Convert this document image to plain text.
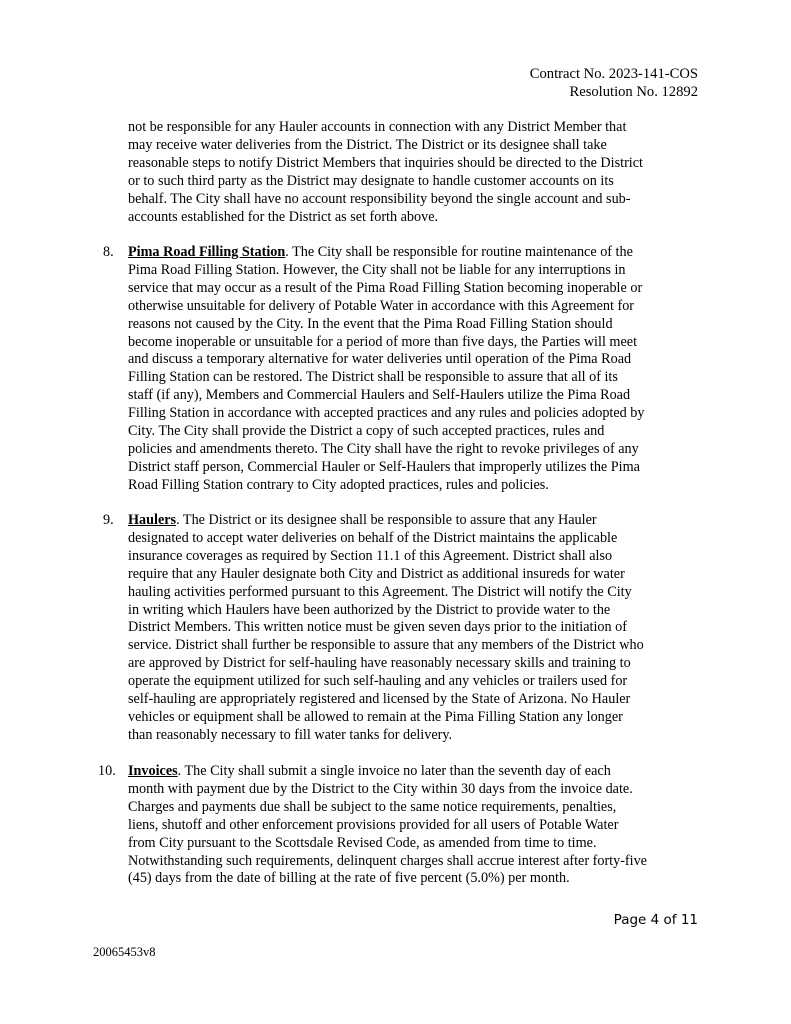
Contract No. 2023-141-COS
Resolution No. 12892

not be responsible for any Hauler accounts in connection with any District Member that

may receive water deliveries from the District. The District or its designee shall take

reasonable steps to notify District Members that inquiries should be directed to the District

or to such third party as the District may designate to handle customer accounts on its

behalf. The City shall have no account responsibility beyond the single account and sub-

accounts established for the District as set forth above.

8. Pima Road Filling Station. The City shall be responsible for routine maintenance of the

Pima Road Filling Station. However, the City shall not be liable for any interruptions in

service that may occur as a result of the Pima Road Filling Station becoming inoperable or

otherwise unsuitable for delivery of Potable Water in accordance with this Agreement for

reasons not caused by the City. In the event that the Pima Road Filling Station should

become inoperable or unsuitable for a period of more than five days, the Parties will meet

and discuss a temporary alternative for water deliveries until operation of the Pima Road

Filling Station can be restored. The District shall be responsible to assure that all of its

staff (if any), Members and Commercial Haulers and Self-Haulers utilize the Pima Road

Filling Station in accordance with accepted practices and any rules and policies adopted by

City. The City shall provide the District a copy of such accepted practices, rules and

policies and amendments thereto. The City shall have the right to revoke privileges of any

District staff person, Commercial Hauler or Self-Haulers that improperly utilizes the Pima

Road Filling Station contrary to City adopted practices, rules and policies.

9. Haulers. The District or its designee shall be responsible to assure that any Hauler

designated to accept water deliveries on behalf of the District maintains the applicable

insurance coverages as required by Section 11.1 of this Agreement. District shall also

require that any Hauler designate both City and District as additional insureds for water

hauling activities performed pursuant to this Agreement. The District will notify the City

in writing which Haulers have been authorized by the District to provide water to the

District Members. This written notice must be given seven days prior to the initiation of

service. District shall further be responsible to assure that any members of the District who

are approved by District for self-hauling have reasonably necessary skills and training to

operate the equipment utilized for such self-hauling and any vehicles or trailers used for

self-hauling are appropriately registered and licensed by the State of Arizona. No Hauler

vehicles or equipment shall be allowed to remain at the Pima Filling Station any longer

than reasonably necessary to fill water tanks for delivery.

10. Invoices. The City shall submit a single invoice no later than the seventh day of each

month with payment due by the District to the City within 30 days from the invoice date.

Charges and payments due shall be subject to the same notice requirements, penalties,

liens, shutoff and other enforcement provisions provided for all users of Potable Water

from City pursuant to the Scottsdale Revised Code, as amended from time to time.

Notwithstanding such requirements, delinquent charges shall accrue interest after forty-five

(45) days from the date of billing at the rate of five percent (5.0%) per month.

Page 4 of 11
20065453v8
